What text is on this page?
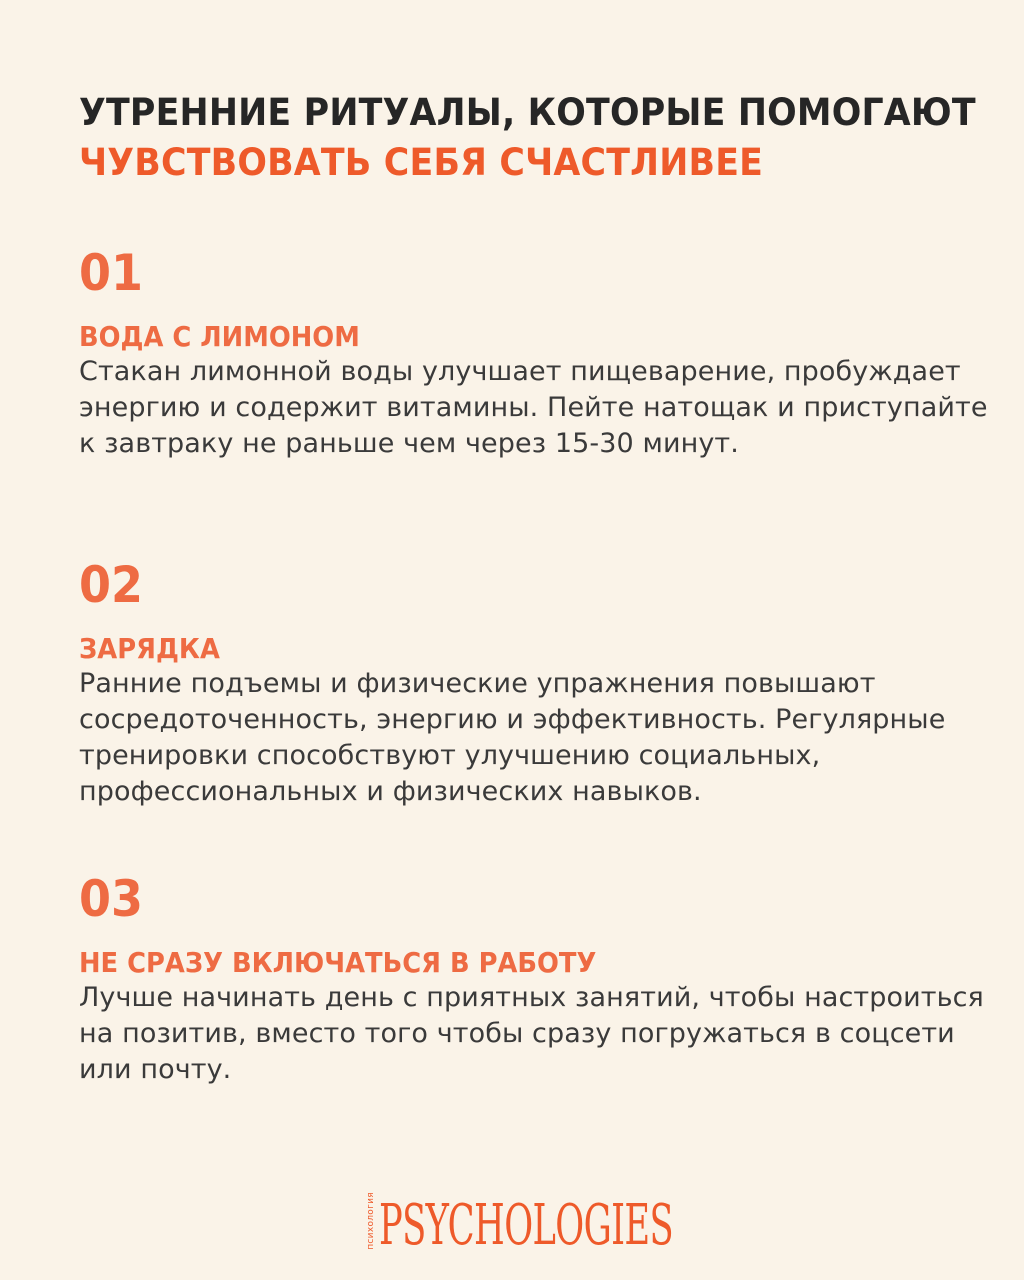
УТРЕННИЕ РИТУАЛЫ, КОТОРЫЕ ПОМОГАЮТ
ЧУВСТВОВАТЬ СЕБЯ СЧАСТЛИВЕЕ
01
ВОДА С ЛИМОНОМ
Стакан лимонной воды улучшает пищеварение, пробуждает энергию и содержит витамины. Пейте натощак и приступайте к завтраку не раньше чем через 15-30 минут.
02
ЗАРЯДКА
Ранние подъемы и физические упражнения повышают сосредоточенность, энергию и эффективность. Регулярные тренировки способствуют улучшению социальных, профессиональных и физических навыков.
03
НЕ СРАЗУ ВКЛЮЧАТЬСЯ В РАБОТУ
Лучше начинать день с приятных занятий, чтобы настроиться на позитив, вместо того чтобы сразу погружаться в соцсети или почту.
психология PSYCHOLOGIES
